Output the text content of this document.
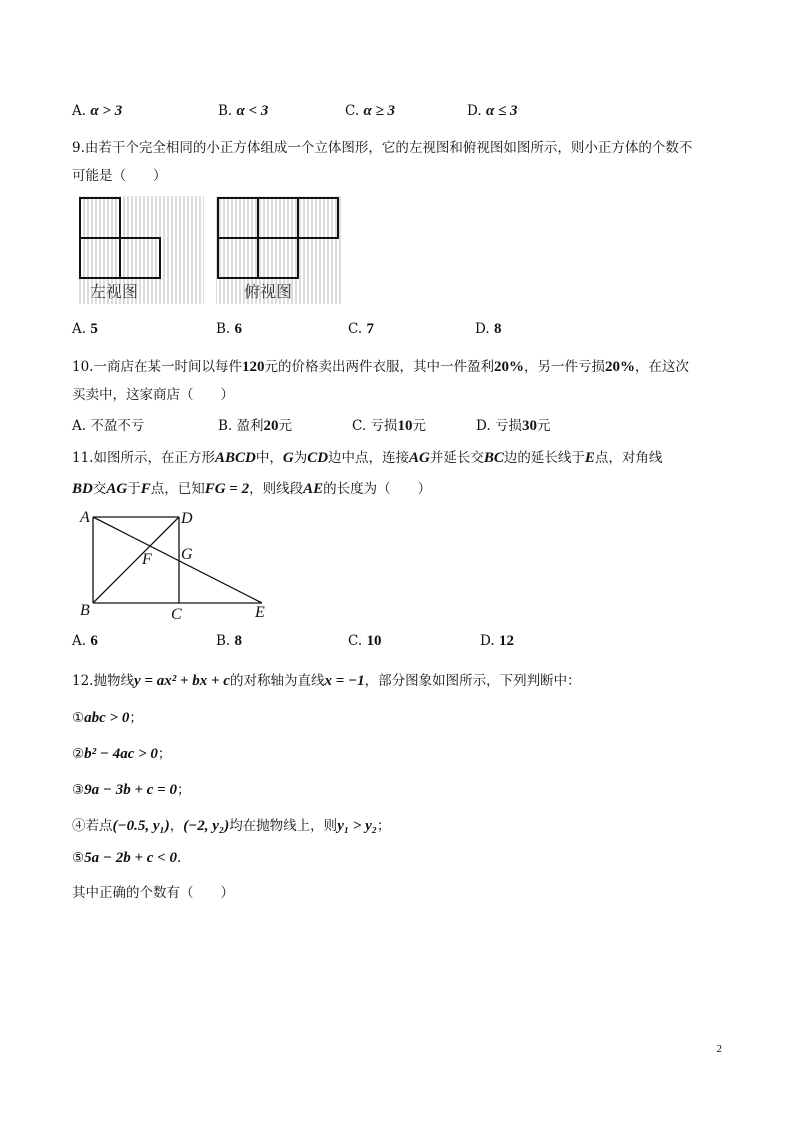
A. α > 3	B. α < 3	C. α ≥ 3	D. α ≤ 3
9.由若干个完全相同的小正方体组成一个立体图形，它的左视图和俯视图如图所示，则小正方体的个数不
可能是（　　）
左视图	俯视图
A. 5	B. 6	C. 7	D. 8
10.一商店在某一时间以每件120元的价格卖出两件衣服，其中一件盈利20%，另一件亏损20%，在这次
买卖中，这家商店（　　）
A. 不盈不亏	B. 盈利20元	C. 亏损10元	D. 亏损30元
11.如图所示，在正方形ABCD中，G为CD边中点，连接AG并延长交BC边的延长线于E点，对角线
BD交AG于F点，已知FG = 2，则线段AE的长度为（　　）
A	D
F G
B	C	E
A. 6	B. 8	C. 10	D. 12
12.抛物线y = ax² + bx + c的对称轴为直线x = −1，部分图象如图所示，下列判断中：
①abc > 0；
②b² − 4ac > 0；
③9a − 3b + c = 0；
④若点(−0.5, y₁)，(−2, y₂)均在抛物线上，则y₁ > y₂；
⑤5a − 2b + c < 0.
其中正确的个数有（　　）
2
